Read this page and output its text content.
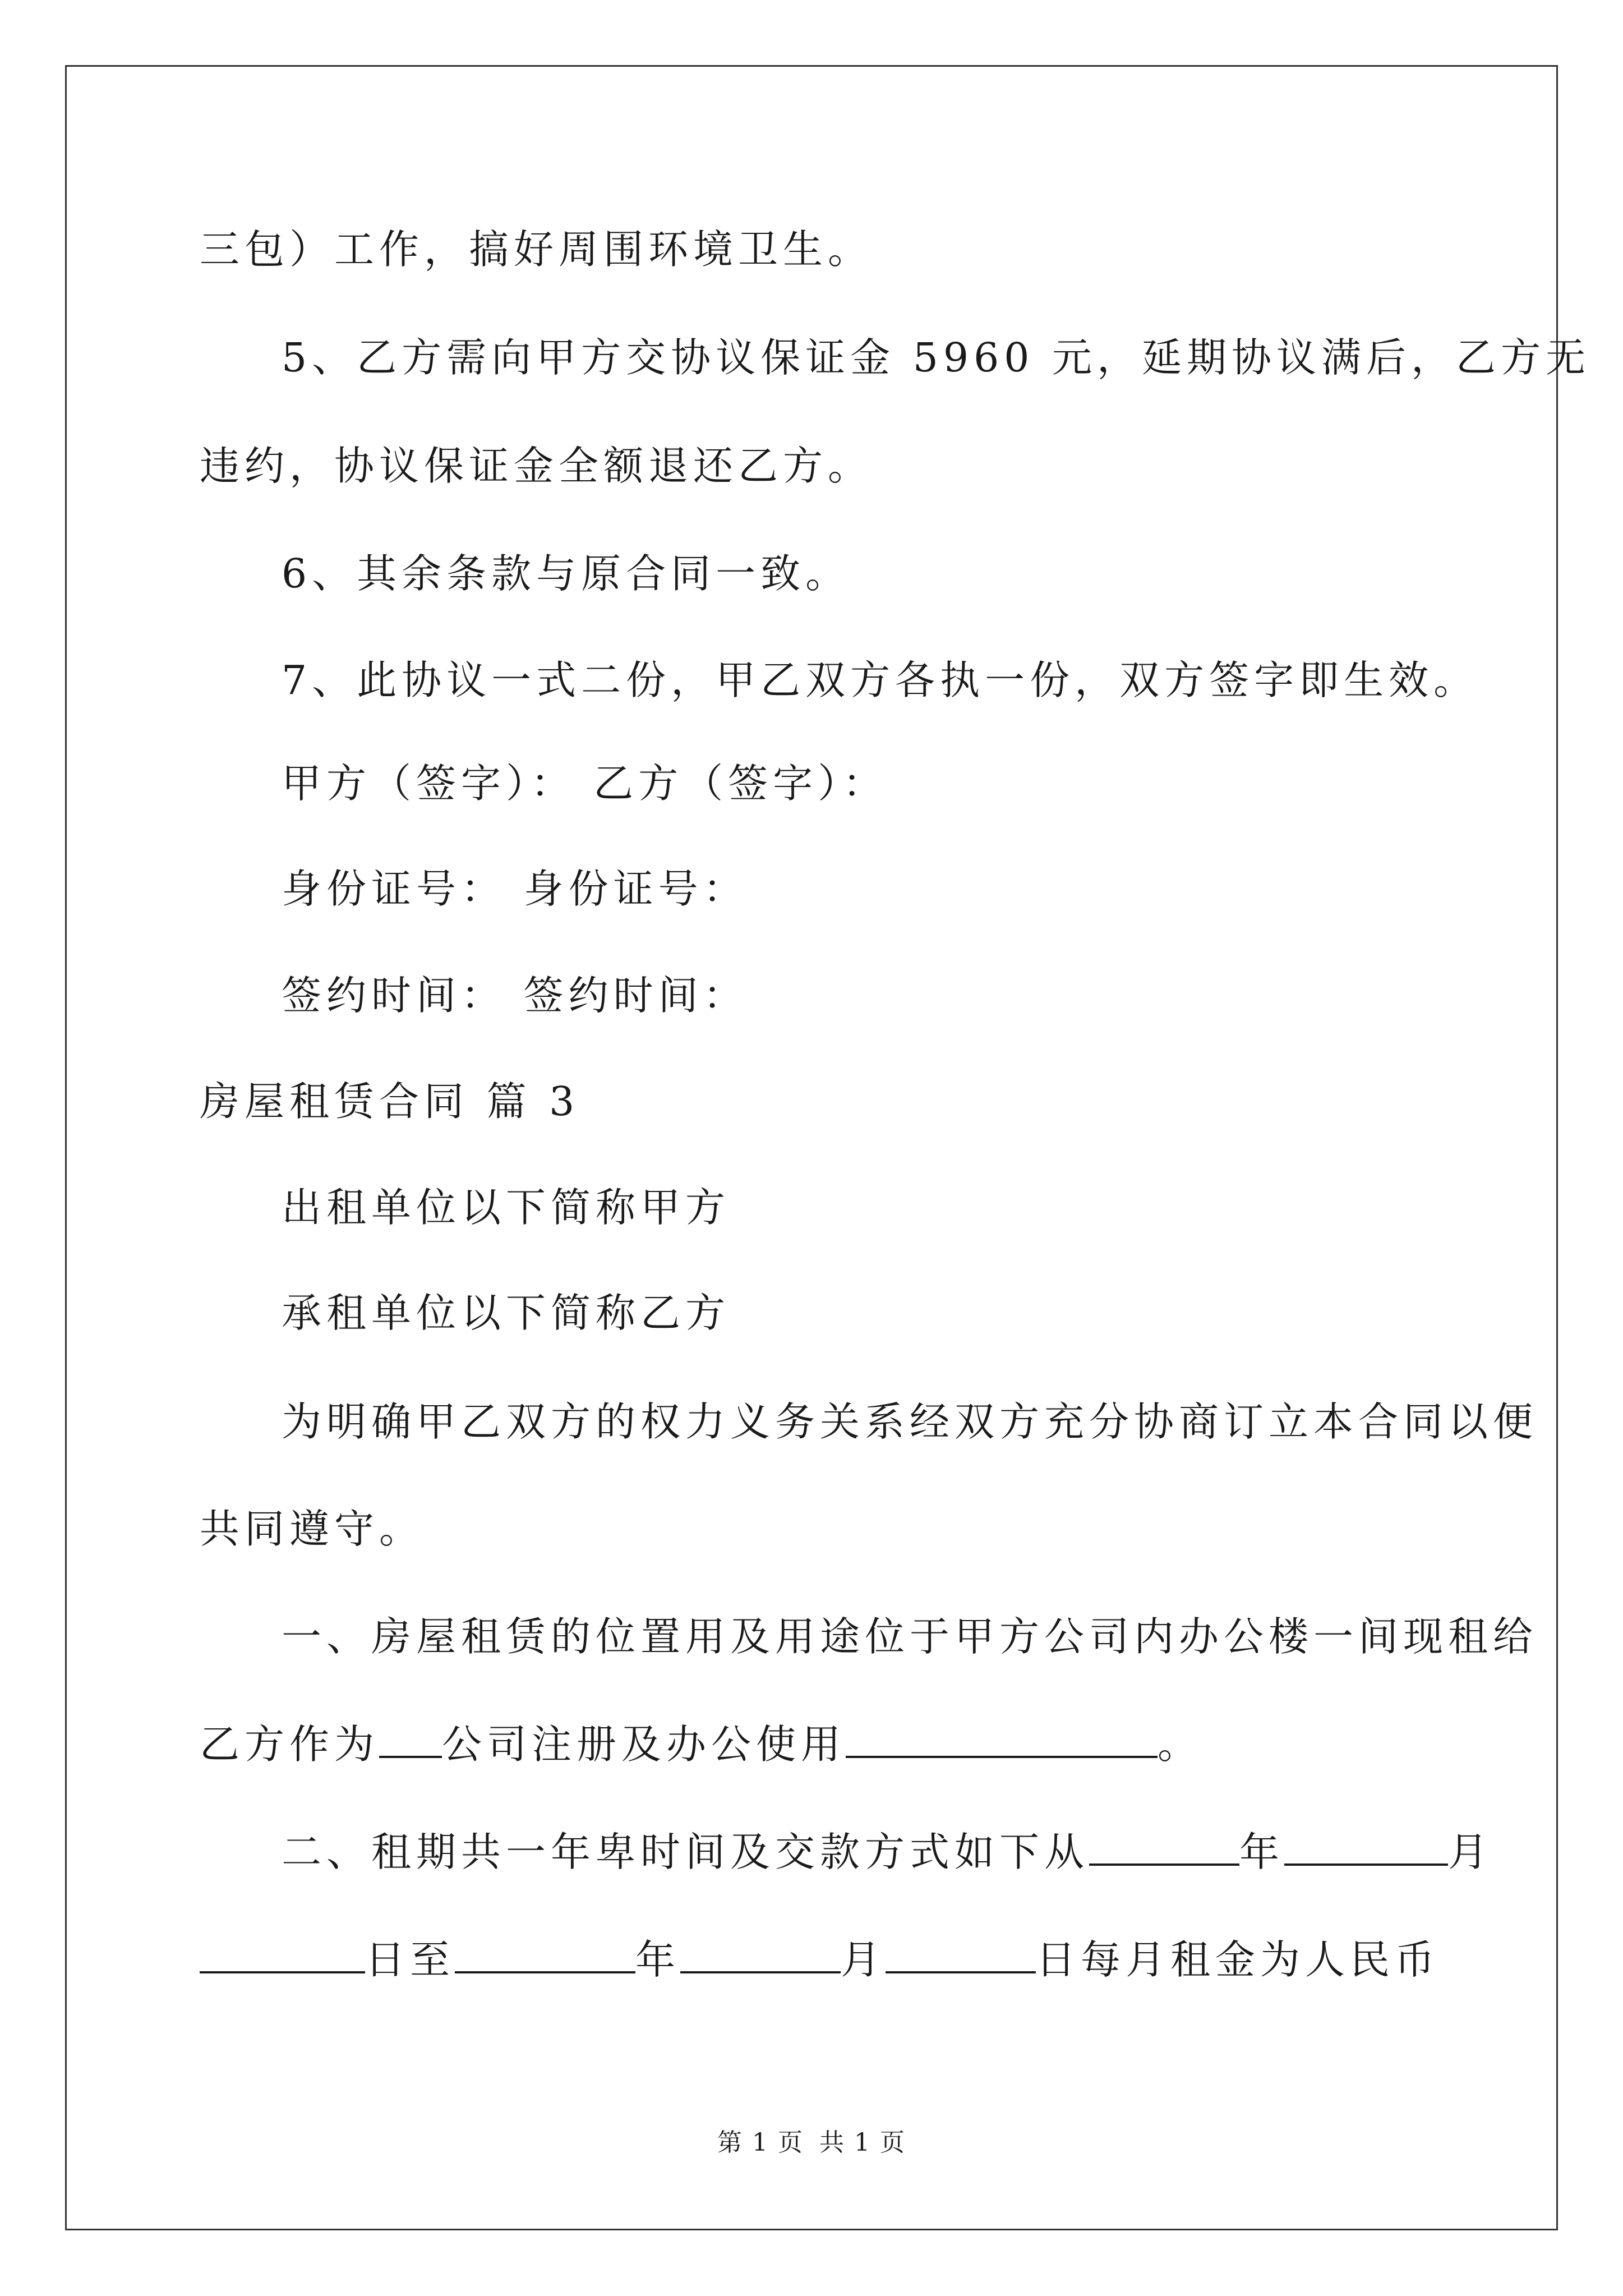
三包）工作，搞好周围环境卫生。
5、乙方需向甲方交协议保证金 5960 元，延期协议满后，乙方无
违约，协议保证金全额退还乙方。
6、其余条款与原合同一致。
7、此协议一式二份，甲乙双方各执一份，双方签字即生效。
甲方（签字）： 乙方（签字）：
身份证号： 身份证号：
签约时间： 签约时间：
房屋租赁合同 篇 3
出租单位以下简称甲方
承租单位以下简称乙方
为明确甲乙双方的权力义务关系经双方充分协商订立本合同以便
共同遵守。
一、房屋租赁的位置用及用途位于甲方公司内办公楼一间现租给
乙方作为 公司注册及办公使用	。
二、租期共一年卑时间及交款方式如下从	年	月
日至	年	月	日每月租金为人民币
第 1 页 共 1 页
